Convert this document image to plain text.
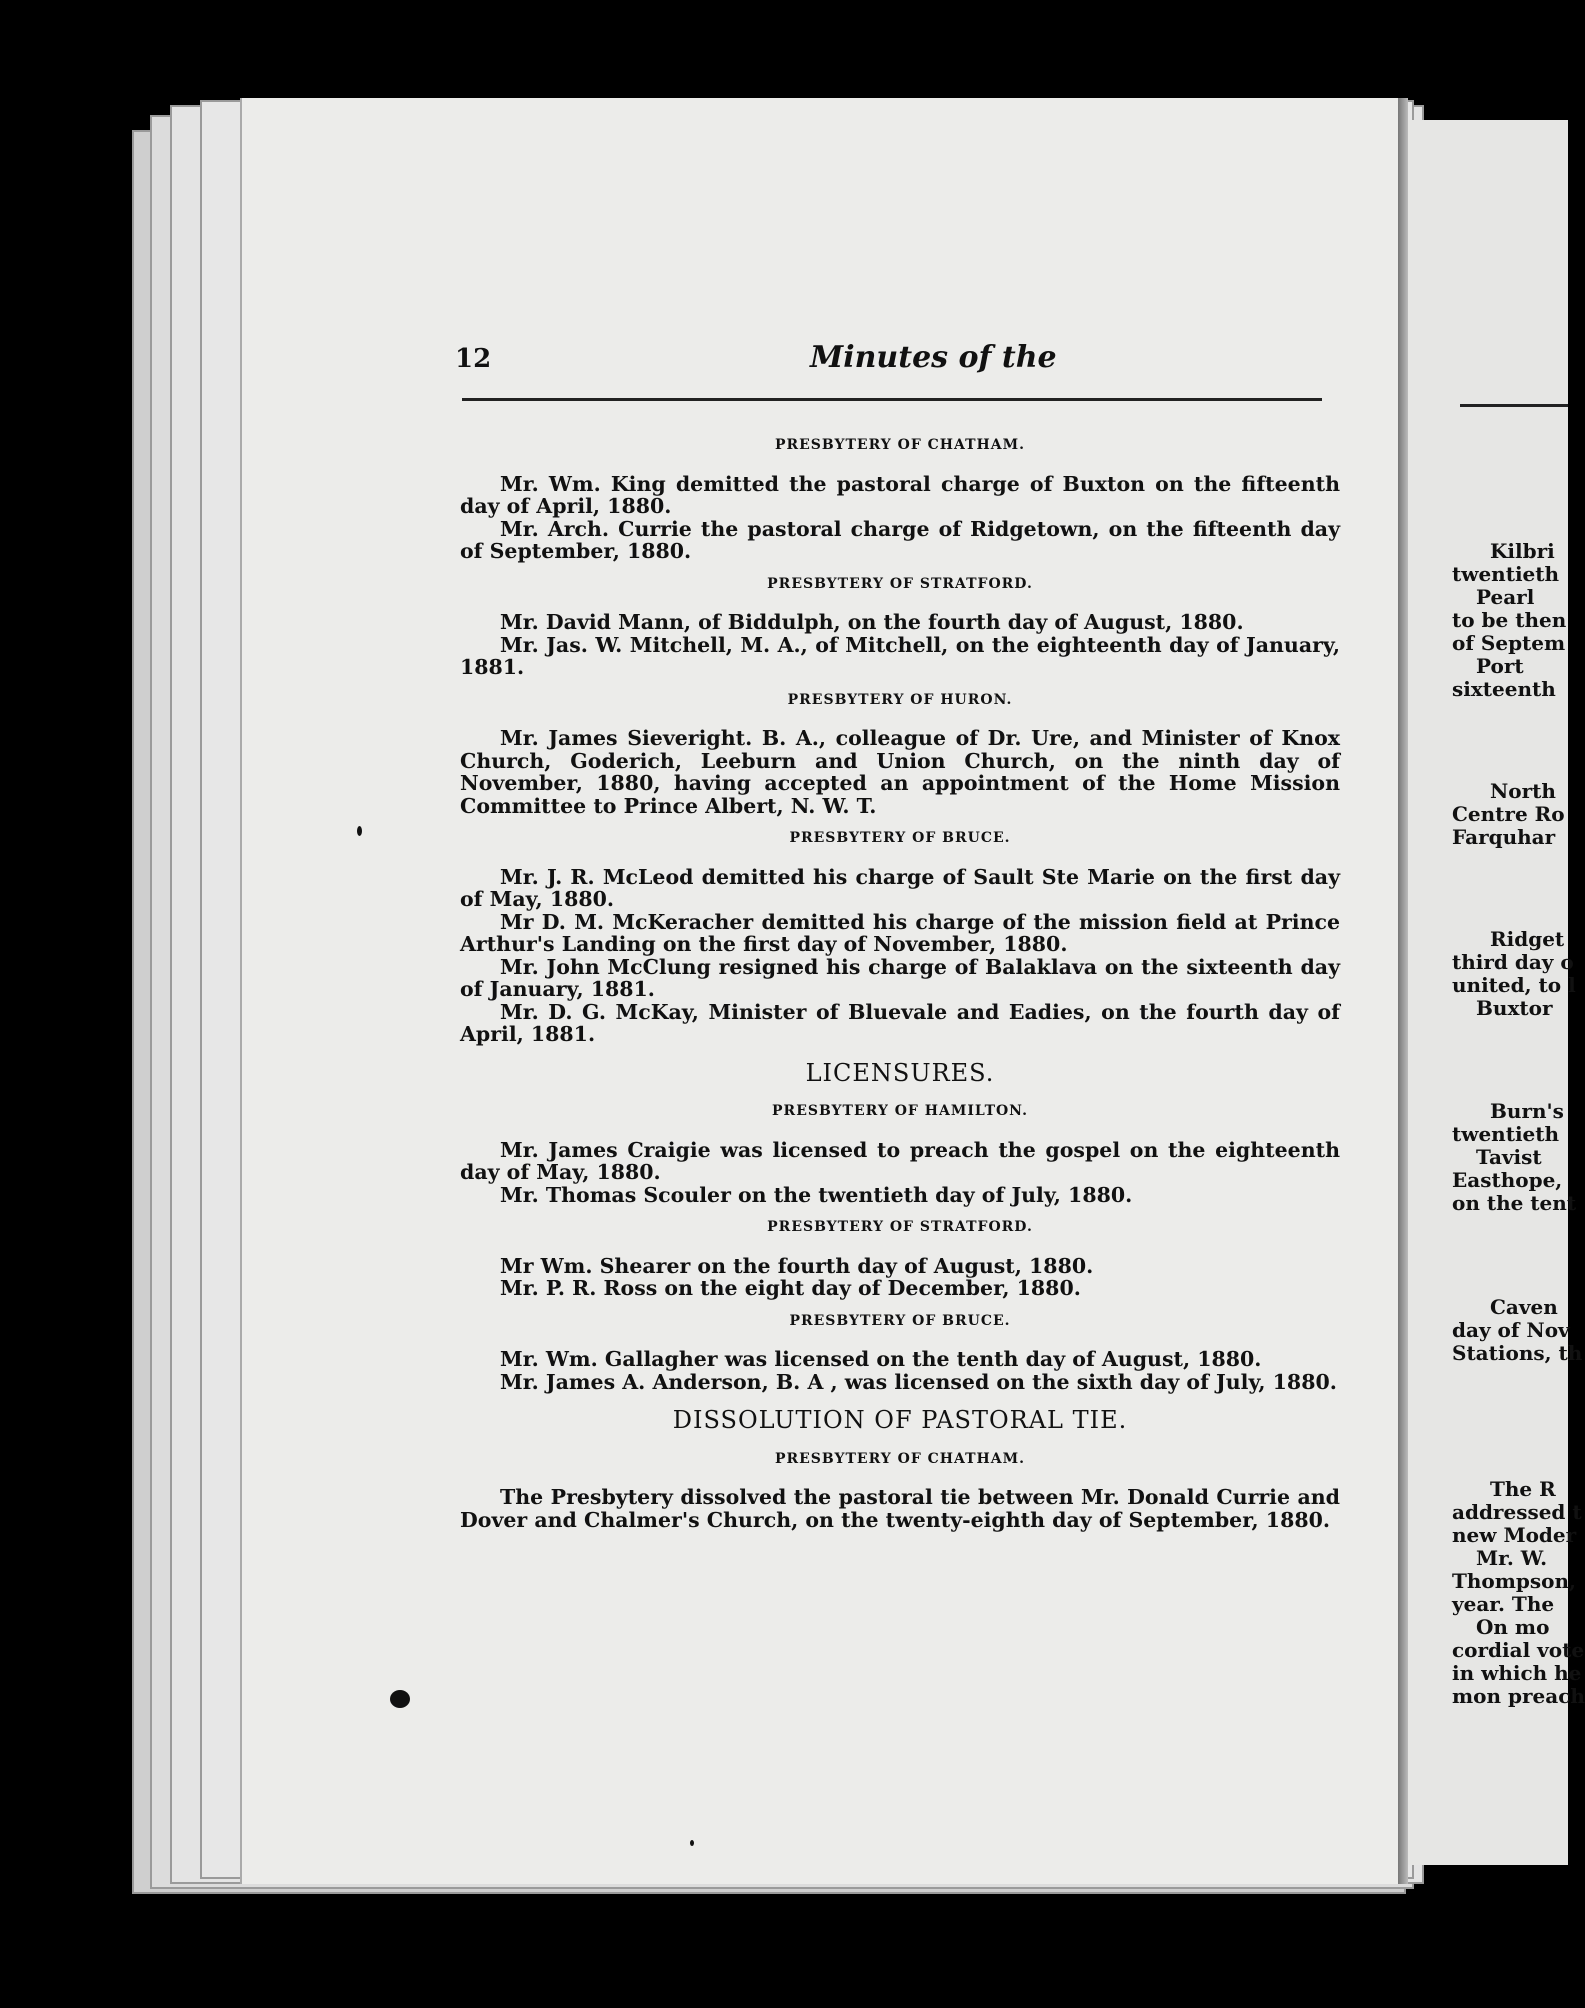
12	Minutes of the
PRESBYTERY OF CHATHAM.

Mr. Wm. King demitted the pastoral charge of Buxton on the fifteenth day of April, 1880.

Mr. Arch. Currie the pastoral charge of Ridgetown, on the fifteenth day of September, 1880.

PRESBYTERY OF STRATFORD.

Mr. David Mann, of Biddulph, on the fourth day of August, 1880.

Mr. Jas. W. Mitchell, M. A., of Mitchell, on the eighteenth day of January, 1881.

PRESBYTERY OF HURON.

Mr. James Sieveright. B. A., colleague of Dr. Ure, and Minister of Knox Church, Goderich, Leeburn and Union Church, on the ninth day of November, 1880, having accepted an appointment of the Home Mission Committee to Prince Albert, N. W. T.

PRESBYTERY OF BRUCE.

Mr. J. R. McLeod demitted his charge of Sault Ste Marie on the first day of May, 1880.

Mr D. M. McKeracher demitted his charge of the mission field at Prince Arthur's Landing on the first day of November, 1880.

Mr. John McClung resigned his charge of Balaklava on the sixteenth day of January, 1881.

Mr. D. G. McKay, Minister of Bluevale and Eadies, on the fourth day of April, 1881.

LICENSURES.
PRESBYTERY OF HAMILTON.

Mr. James Craigie was licensed to preach the gospel on the eighteenth day of May, 1880.

Mr. Thomas Scouler on the twentieth day of July, 1880.

PRESBYTERY OF STRATFORD.

Mr Wm. Shearer on the fourth day of August, 1880.

Mr. P. R. Ross on the eight day of December, 1880.

PRESBYTERY OF BRUCE.

Mr. Wm. Gallagher was licensed on the tenth day of August, 1880.

Mr. James A. Anderson, B. A , was licensed on the sixth day of July, 1880.

DISSOLUTION OF PASTORAL TIE.
PRESBYTERY OF CHATHAM.

The Presbytery dissolved the pastoral tie between Mr. Donald Currie and Dover and Chalmer's Church, on the twenty-eighth day of September, 1880.

Kilbri
twentieth
Pearl
to be then
of Septem
Port
sixteenth
North
Centre Ro
Farquhar
Ridget
third day o
united, to l
Buxtor
Burn's
twentieth
Tavist
Easthope,
on the tent
Caven
day of Nov
Stations, th
The R
addressed t
new Moder
Mr. W.
Thompson,
year. The
On mo
cordial vote
in which he
mon preach
